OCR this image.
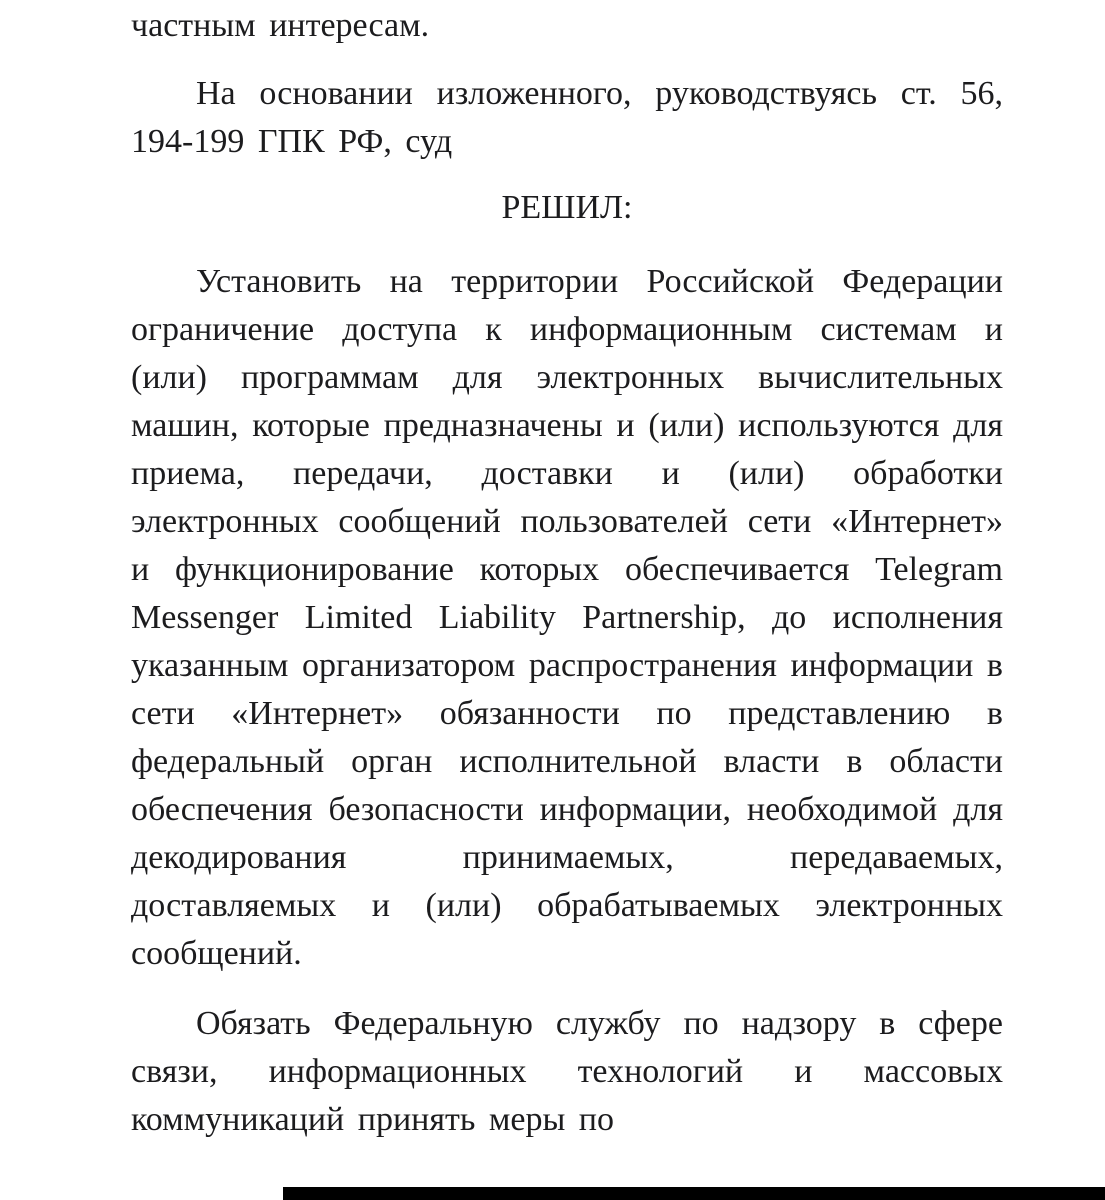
частным интересам.

На основании изложенного, руководствуясь ст. 56, 194-199 ГПК РФ, суд

РЕШИЛ:

Установить на территории Российской Федерации ограничение доступа к информационным системам и (или) программам для электронных вычислительных машин, которые предназначены и (или) используются для приема, передачи, доставки и (или) обработки электронных сообщений пользователей сети «Интернет» и функционирование которых обеспечивается Telegram Messenger Limited Liability Partnership, до исполнения указанным организатором распространения информации в сети «Интернет» обязанности по представлению в федеральный орган исполнительной власти в области обеспечения безопасности информации, необходимой для декодирования принимаемых, передаваемых, доставляемых и (или) обрабатываемых электронных сообщений.

Обязать Федеральную службу по надзору в сфере связи, информационных технологий и массовых коммуникаций принять меры по
